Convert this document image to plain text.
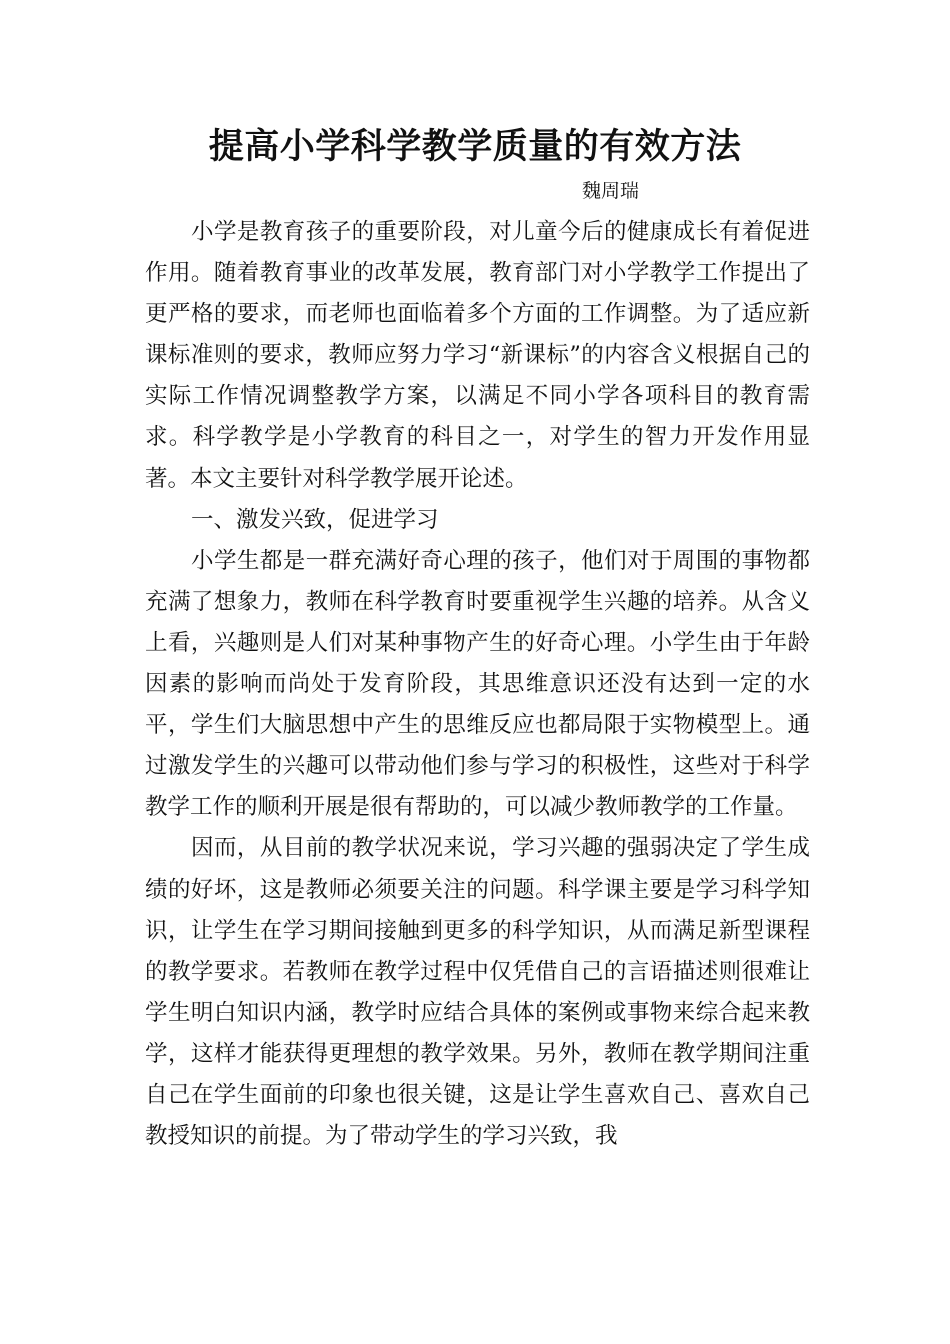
提高小学科学教学质量的有效方法
魏周瑞

小学是教育孩子的重要阶段，对儿童今后的健康成长有着促进作用。随着教育事业的改革发展，教育部门对小学教学工作提出了更严格的要求，而老师也面临着多个方面的工作调整。为了适应新课标准则的要求，教师应努力学习“新课标”的内容含义根据自己的实际工作情况调整教学方案，以满足不同小学各项科目的教育需求。科学教学是小学教育的科目之一，对学生的智力开发作用显著。本文主要针对科学教学展开论述。

一、激发兴致，促进学习

小学生都是一群充满好奇心理的孩子，他们对于周围的事物都充满了想象力，教师在科学教育时要重视学生兴趣的培养。从含义上看，兴趣则是人们对某种事物产生的好奇心理。小学生由于年龄因素的影响而尚处于发育阶段，其思维意识还没有达到一定的水平，学生们大脑思想中产生的思维反应也都局限于实物模型上。通过激发学生的兴趣可以带动他们参与学习的积极性，这些对于科学教学工作的顺利开展是很有帮助的，可以减少教师教学的工作量。

因而，从目前的教学状况来说，学习兴趣的强弱决定了学生成绩的好坏，这是教师必须要关注的问题。科学课主要是学习科学知识，让学生在学习期间接触到更多的科学知识，从而满足新型课程的教学要求。若教师在教学过程中仅凭借自己的言语描述则很难让学生明白知识内涵，教学时应结合具体的案例或事物来综合起来教学，这样才能获得更理想的教学效果。另外，教师在教学期间注重自己在学生面前的印象也很关键，这是让学生喜欢自己、喜欢自己教授知识的前提。为了带动学生的学习兴致，我
